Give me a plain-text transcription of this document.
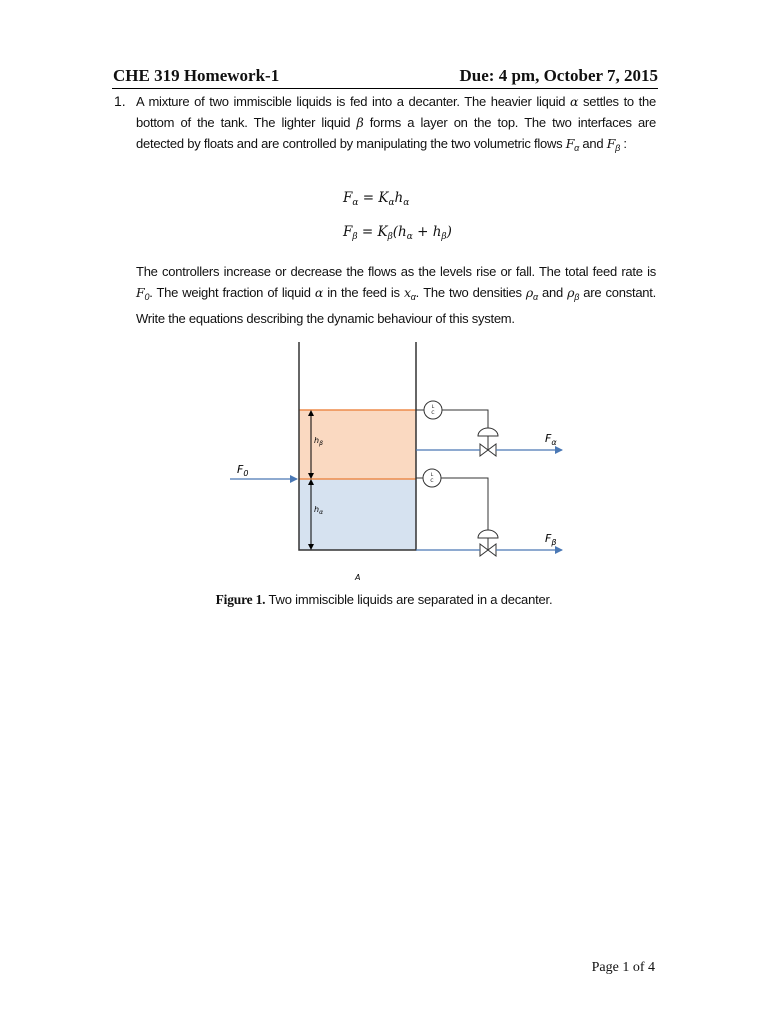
CHE 319 Homework-1	Due: 4 pm, October 7, 2015
1. A mixture of two immiscible liquids is fed into a decanter. The heavier liquid α settles to the bottom of the tank. The lighter liquid β forms a layer on the top. The two interfaces are detected by floats and are controlled by manipulating the two volumetric flows $F_\alpha$ and $F_\beta$ :
$F_\alpha = K_\alpha h_\alpha$
$F_\beta = K_\beta(h_\alpha + h_\beta)$
The controllers increase or decrease the flows as the levels rise or fall. The total feed rate is $F_0$. The weight fraction of liquid α in the feed is $x_\alpha$. The two densities $\rho_\alpha$ and $\rho_\beta$ are constant. Write the equations describing the dynamic behaviour of this system.
$h_\beta$
$h_\alpha$
$F_0$
L
C
$F_\alpha$
L
C
$F_\beta$
A
Figure 1. Two immiscible liquids are separated in a decanter.
Page 1 of 4
